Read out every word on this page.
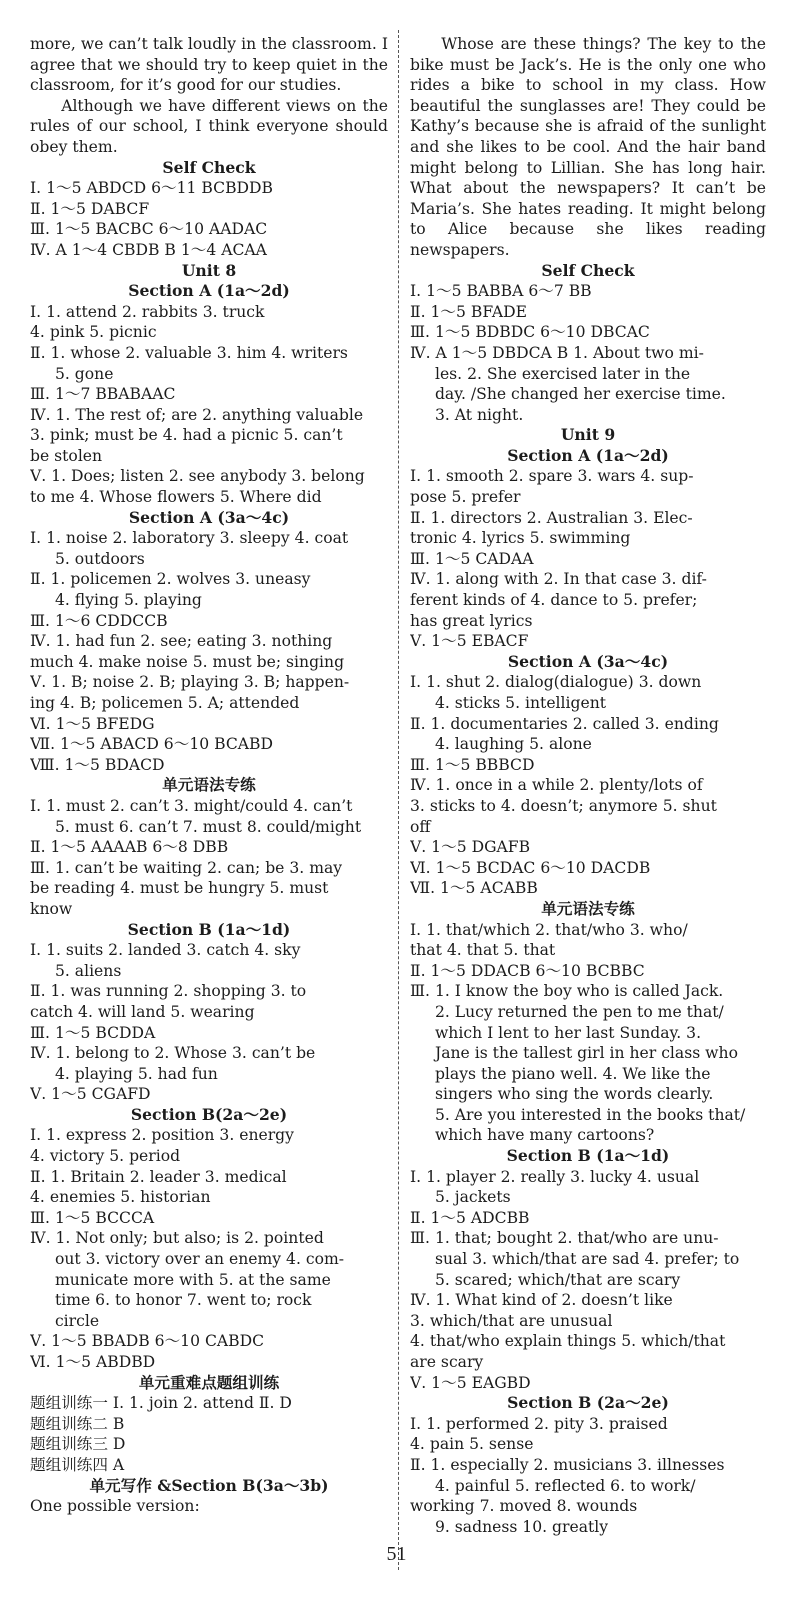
more, we can’t talk loudly in the classroom. I agree that we should try to keep quiet in the classroom, for it’s good for our studies.
Although we have different views on the rules of our school, I think everyone should obey them.
Self Check
Ⅰ. 1～5 ABDCD 6～11 BCBDDB
Ⅱ. 1～5 DABCF
Ⅲ. 1～5 BACBC 6～10 AADAC
Ⅳ. A 1～4 CBDB B 1～4 ACAA
Unit 8
Section A (1a～2d)
Ⅰ. 1. attend 2. rabbits 3. truck
4. pink 5. picnic
Ⅱ. 1. whose 2. valuable 3. him 4. writers
5. gone
Ⅲ. 1～7 BBABAAC
Ⅳ. 1. The rest of; are 2. anything valuable
3. pink; must be 4. had a picnic 5. can’t
be stolen
Ⅴ. 1. Does; listen 2. see anybody 3. belong
to me 4. Whose flowers 5. Where did
Section A (3a～4c)
Ⅰ. 1. noise 2. laboratory 3. sleepy 4. coat
5. outdoors
Ⅱ. 1. policemen 2. wolves 3. uneasy
4. flying 5. playing
Ⅲ. 1～6 CDDCCB
Ⅳ. 1. had fun 2. see; eating 3. nothing
much 4. make noise 5. must be; singing
Ⅴ. 1. B; noise 2. B; playing 3. B; happen-
ing 4. B; policemen 5. A; attended
Ⅵ. 1～5 BFEDG
Ⅶ. 1～5 ABACD 6～10 BCABD
Ⅷ. 1～5 BDACD
单元语法专练
Ⅰ. 1. must 2. can’t 3. might/could 4. can’t
5. must 6. can’t 7. must 8. could/might
Ⅱ. 1～5 AAAAB 6～8 DBB
Ⅲ. 1. can’t be waiting 2. can; be 3. may
be reading 4. must be hungry 5. must
know
Section B (1a～1d)
Ⅰ. 1. suits 2. landed 3. catch 4. sky
5. aliens
Ⅱ. 1. was running 2. shopping 3. to
catch 4. will land 5. wearing
Ⅲ. 1～5 BCDDA
Ⅳ. 1. belong to 2. Whose 3. can’t be
4. playing 5. had fun
Ⅴ. 1～5 CGAFD
Section B(2a～2e)
Ⅰ. 1. express 2. position 3. energy
4. victory 5. period
Ⅱ. 1. Britain 2. leader 3. medical
4. enemies 5. historian
Ⅲ. 1～5 BCCCA
Ⅳ. 1. Not only; but also; is 2. pointed
out 3. victory over an enemy 4. com-
municate more with 5. at the same
time 6. to honor 7. went to; rock
circle
Ⅴ. 1～5 BBADB 6～10 CABDC
Ⅵ. 1～5 ABDBD
单元重难点题组训练
题组训练一 Ⅰ. 1. join 2. attend Ⅱ. D
题组训练二 B
题组训练三 D
题组训练四 A
单元写作 &Section B(3a～3b)
One possible version:
Whose are these things? The key to the bike must be Jack’s. He is the only one who rides a bike to school in my class. How beautiful the sunglasses are! They could be Kathy’s because she is afraid of the sunlight and she likes to be cool. And the hair band might belong to Lillian. She has long hair. What about the newspapers? It can’t be Maria’s. She hates reading. It might belong to Alice because she likes reading newspapers.
Self Check
Ⅰ. 1～5 BABBA 6～7 BB
Ⅱ. 1～5 BFADE
Ⅲ. 1～5 BDBDC 6～10 DBCAC
Ⅳ. A 1～5 DBDCA B 1. About two mi-
les. 2. She exercised later in the
day. /She changed her exercise time.
3. At night.
Unit 9
Section A (1a～2d)
Ⅰ. 1. smooth 2. spare 3. wars 4. sup-
pose 5. prefer
Ⅱ. 1. directors 2. Australian 3. Elec-
tronic 4. lyrics 5. swimming
Ⅲ. 1～5 CADAA
Ⅳ. 1. along with 2. In that case 3. dif-
ferent kinds of 4. dance to 5. prefer;
has great lyrics
Ⅴ. 1～5 EBACF
Section A (3a～4c)
Ⅰ. 1. shut 2. dialog(dialogue) 3. down
4. sticks 5. intelligent
Ⅱ. 1. documentaries 2. called 3. ending
4. laughing 5. alone
Ⅲ. 1～5 BBBCD
Ⅳ. 1. once in a while 2. plenty/lots of
3. sticks to 4. doesn’t; anymore 5. shut
off
Ⅴ. 1～5 DGAFB
Ⅵ. 1～5 BCDAC 6～10 DACDB
Ⅶ. 1～5 ACABB
单元语法专练
Ⅰ. 1. that/which 2. that/who 3. who/
that 4. that 5. that
Ⅱ. 1～5 DDACB 6～10 BCBBC
Ⅲ. 1. I know the boy who is called Jack.
2. Lucy returned the pen to me that/
which I lent to her last Sunday. 3.
Jane is the tallest girl in her class who
plays the piano well. 4. We like the
singers who sing the words clearly.
5. Are you interested in the books that/
which have many cartoons?
Section B (1a～1d)
Ⅰ. 1. player 2. really 3. lucky 4. usual
5. jackets
Ⅱ. 1～5 ADCBB
Ⅲ. 1. that; bought 2. that/who are unu-
sual 3. which/that are sad 4. prefer; to
5. scared; which/that are scary
Ⅳ. 1. What kind of 2. doesn’t like
3. which/that are unusual
4. that/who explain things 5. which/that
are scary
Ⅴ. 1～5 EAGBD
Section B (2a～2e)
Ⅰ. 1. performed 2. pity 3. praised
4. pain 5. sense
Ⅱ. 1. especially 2. musicians 3. illnesses
4. painful 5. reflected 6. to work/
working 7. moved 8. wounds
9. sadness 10. greatly
51
